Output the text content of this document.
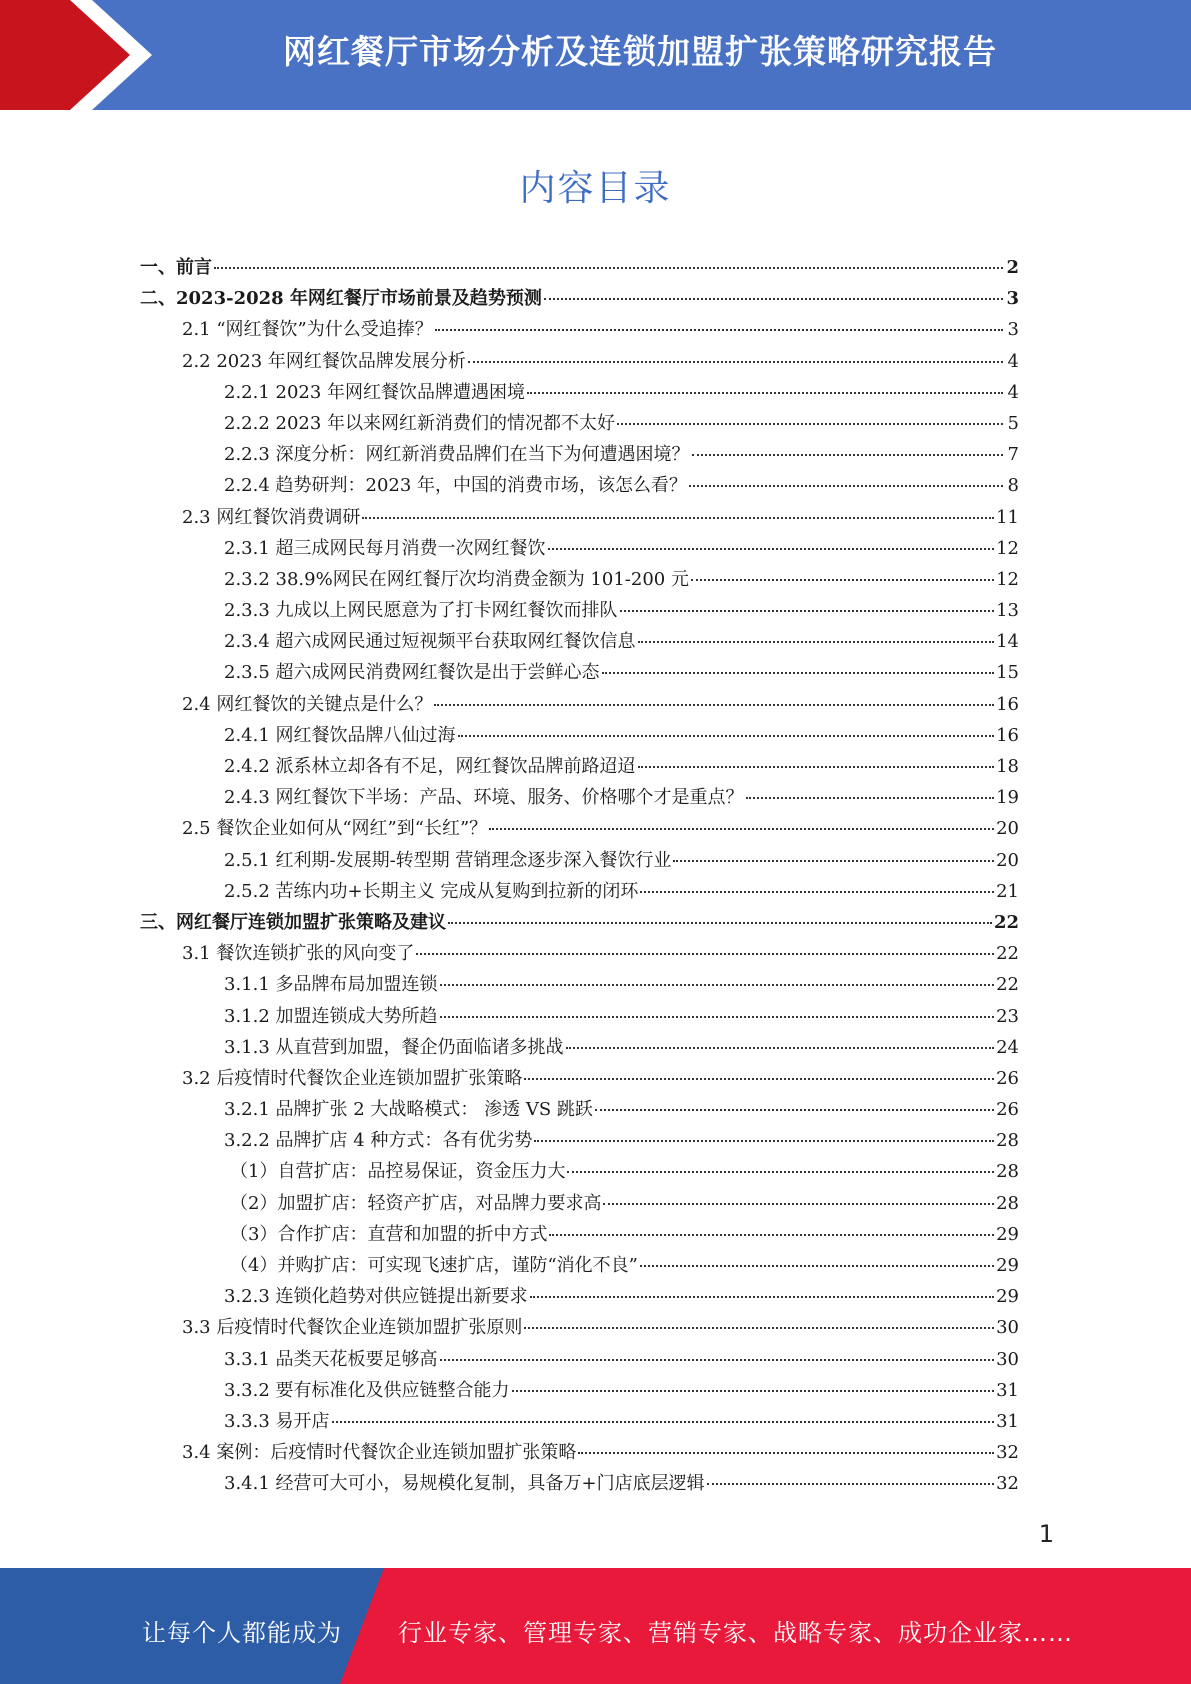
网红餐厅市场分析及连锁加盟扩张策略研究报告
内容目录
一、前言	2
二、2023-2028 年网红餐厅市场前景及趋势预测	3
2.1 “网红餐饮”为什么受追捧？	3
2.2 2023 年网红餐饮品牌发展分析	4
2.2.1 2023 年网红餐饮品牌遭遇困境	4
2.2.2 2023 年以来网红新消费们的情况都不太好	5
2.2.3 深度分析：网红新消费品牌们在当下为何遭遇困境？	7
2.2.4 趋势研判：2023 年，中国的消费市场，该怎么看？	8
2.3 网红餐饮消费调研	11
2.3.1 超三成网民每月消费一次网红餐饮	12
2.3.2 38.9%网民在网红餐厅次均消费金额为 101-200 元	12
2.3.3 九成以上网民愿意为了打卡网红餐饮而排队	13
2.3.4 超六成网民通过短视频平台获取网红餐饮信息	14
2.3.5 超六成网民消费网红餐饮是出于尝鲜心态	15
2.4 网红餐饮的关键点是什么？	16
2.4.1 网红餐饮品牌八仙过海	16
2.4.2 派系林立却各有不足，网红餐饮品牌前路迢迢	18
2.4.3 网红餐饮下半场：产品、环境、服务、价格哪个才是重点？	19
2.5 餐饮企业如何从“网红”到“长红”？	20
2.5.1 红利期-发展期-转型期 营销理念逐步深入餐饮行业	20
2.5.2 苦练内功+长期主义 完成从复购到拉新的闭环	21
三、网红餐厅连锁加盟扩张策略及建议	22
3.1 餐饮连锁扩张的风向变了	22
3.1.1 多品牌布局加盟连锁	22
3.1.2 加盟连锁成大势所趋	23
3.1.3 从直营到加盟，餐企仍面临诸多挑战	24
3.2 后疫情时代餐饮企业连锁加盟扩张策略	26
3.2.1 品牌扩张 2 大战略模式： 渗透 VS 跳跃	26
3.2.2 品牌扩店 4 种方式：各有优劣势	28
（1）自营扩店：品控易保证，资金压力大	28
（2）加盟扩店：轻资产扩店，对品牌力要求高	28
（3）合作扩店：直营和加盟的折中方式	29
（4）并购扩店：可实现飞速扩店，谨防“消化不良”	29
3.2.3 连锁化趋势对供应链提出新要求	29
3.3 后疫情时代餐饮企业连锁加盟扩张原则	30
3.3.1 品类天花板要足够高	30
3.3.2 要有标准化及供应链整合能力	31
3.3.3 易开店	31
3.4 案例：后疫情时代餐饮企业连锁加盟扩张策略	32
3.4.1 经营可大可小，易规模化复制，具备万+门店底层逻辑	32
1
让每个人都能成为 行业专家、管理专家、营销专家、战略专家、成功企业家……
